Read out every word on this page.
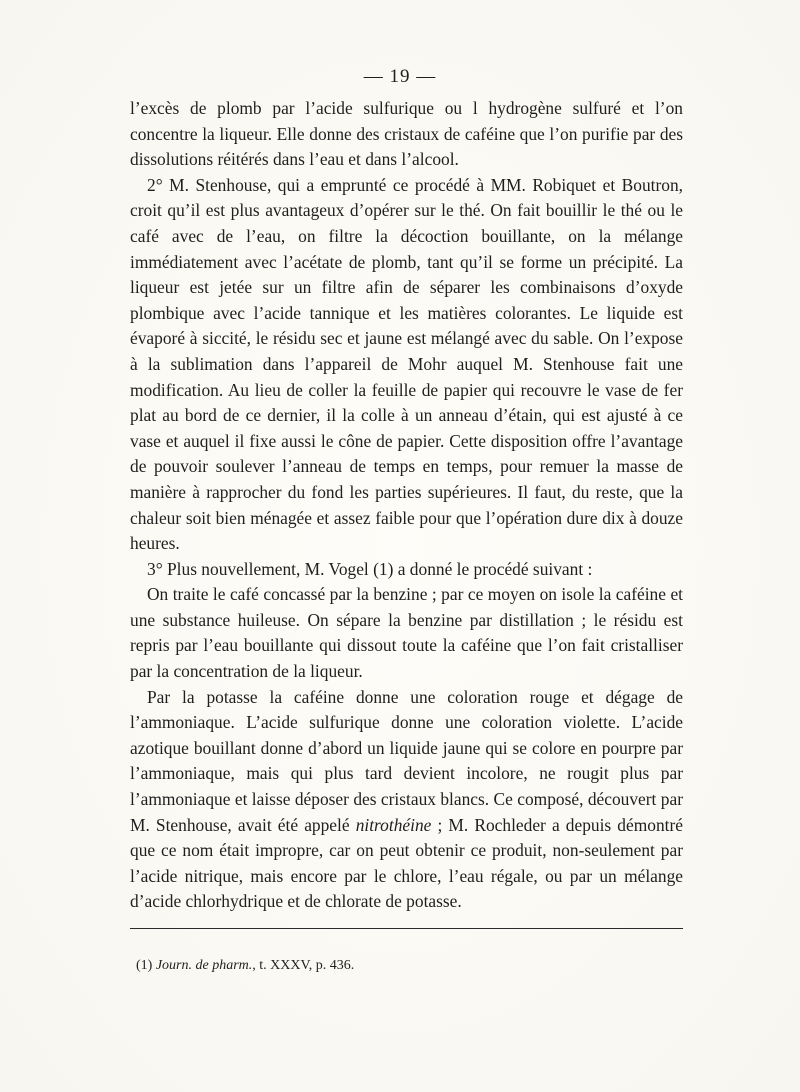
— 19 —

l’excès de plomb par l’acide sulfurique ou l hydrogène sulfuré et l’on concentre la liqueur. Elle donne des cristaux de caféine que l’on purifie par des dissolutions réitérés dans l’eau et dans l’alcool.

2° M. Stenhouse, qui a emprunté ce procédé à MM. Robiquet et Boutron, croit qu’il est plus avantageux d’opérer sur le thé. On fait bouillir le thé ou le café avec de l’eau, on filtre la décoction bouillante, on la mélange immédiatement avec l’acétate de plomb, tant qu’il se forme un précipité. La liqueur est jetée sur un filtre afin de séparer les combinaisons d’oxyde plombique avec l’acide tannique et les matières colorantes. Le liquide est évaporé à siccité, le résidu sec et jaune est mélangé avec du sable. On l’expose à la sublimation dans l’appareil de Mohr auquel M. Stenhouse fait une modification. Au lieu de coller la feuille de papier qui recouvre le vase de fer plat au bord de ce dernier, il la colle à un anneau d’étain, qui est ajusté à ce vase et auquel il fixe aussi le cône de papier. Cette disposition offre l’avantage de pouvoir soulever l’anneau de temps en temps, pour remuer la masse de manière à rapprocher du fond les parties supérieures. Il faut, du reste, que la chaleur soit bien ménagée et assez faible pour que l’opération dure dix à douze heures.

3° Plus nouvellement, M. Vogel (1) a donné le procédé suivant :

On traite le café concassé par la benzine ; par ce moyen on isole la caféine et une substance huileuse. On sépare la benzine par distillation ; le résidu est repris par l’eau bouillante qui dissout toute la caféine que l’on fait cristalliser par la concentration de la liqueur.

Par la potasse la caféine donne une coloration rouge et dégage de l’ammoniaque. L’acide sulfurique donne une coloration violette. L’acide azotique bouillant donne d’abord un liquide jaune qui se colore en pourpre par l’ammoniaque, mais qui plus tard devient incolore, ne rougit plus par l’ammoniaque et laisse déposer des cristaux blancs. Ce composé, découvert par M. Stenhouse, avait été appelé nitrothéine ; M. Rochleder a depuis démontré que ce nom était impropre, car on peut obtenir ce produit, non-seulement par l’acide nitrique, mais encore par le chlore, l’eau régale, ou par un mélange d’acide chlorhydrique et de chlorate de potasse.

(1) Journ. de pharm., t. XXXV, p. 436.
